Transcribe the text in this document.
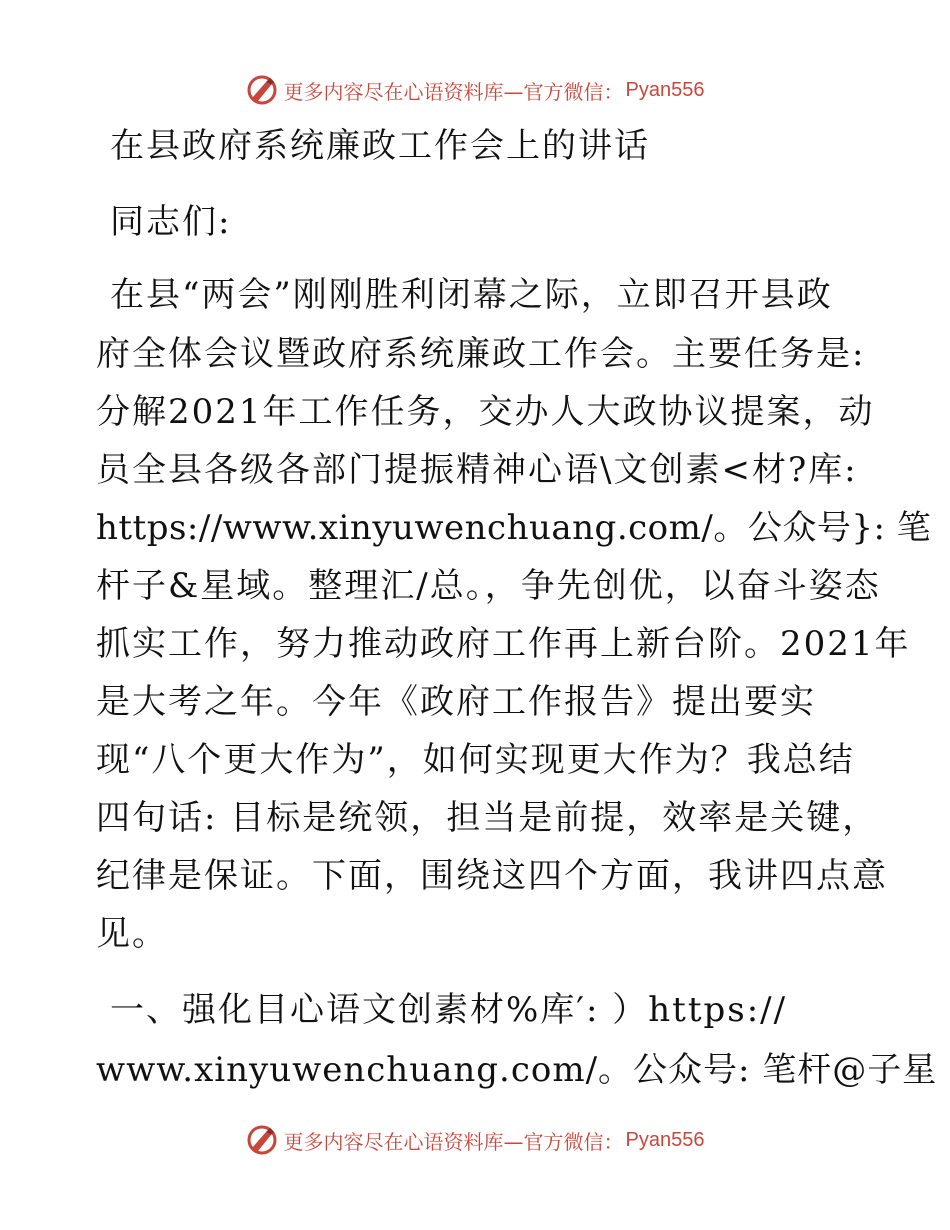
更多内容尽在心语资料库—官方微信： Pyan556
在县政府系统廉政工作会上的讲话
同志们:
在县“两会”刚刚胜利闭幕之际，立即召开县政
府全体会议暨政府系统廉政工作会。主要任务是:
分解2021年工作任务，交办人大政协议提案，动
员全县各级各部门提振精神心语\文创素<材?库:
https://www.xinyuwenchuang.com/。公众号}: 笔
杆子&星域。整理汇/总。，争先创优，以奋斗姿态
抓实工作，努力推动政府工作再上新台阶。2021年
是大考之年。今年《政府工作报告》提出要实
现“八个更大作为”，如何实现更大作为？我总结
四句话: 目标是统领，担当是前提，效率是关键，
纪律是保证。下面，围绕这四个方面，我讲四点意
见。
一、强化目心语文创素材%库′: ）https://
www.xinyuwenchuang.com/。公众号: 笔杆@子星
更多内容尽在心语资料库—官方微信： Pyan556
